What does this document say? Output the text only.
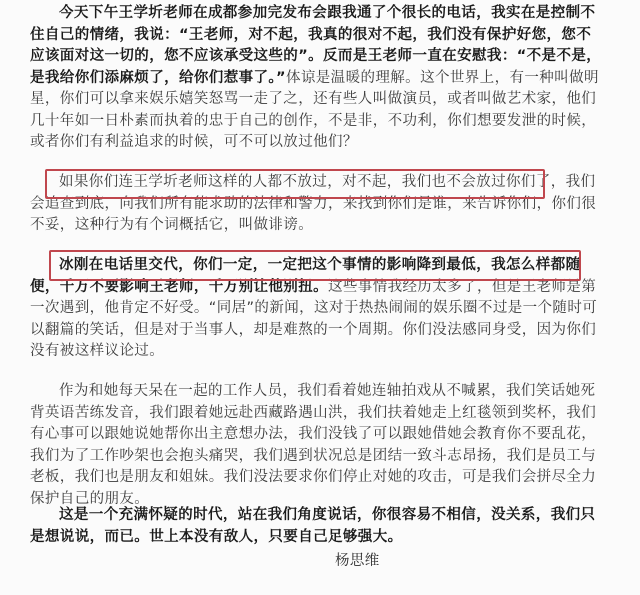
今天下午王学圻老师在成都参加完发布会跟我通了个很长的电话，我实在是控制不住自己的情绪，我说：“王老师，对不起，我真的很对不起，我们没有保护好您，您不应该面对这一切的，您不应该承受这些的”。反而是王老师一直在安慰我：“不是不是，是我给你们添麻烦了，给你们惹事了。”体谅是温暖的理解。这个世界上，有一种叫做明星，你们可以拿来娱乐嬉笑怒骂一走了之，还有些人叫做演员，或者叫做艺术家，他们几十年如一日朴素而执着的忠于自己的创作，不是非，不功利，你们想要发泄的时候，或者你们有利益追求的时候，可不可以放过他们？
如果你们连王学圻老师这样的人都不放过，对不起，我们也不会放过你们了，我们会追查到底，向我们所有能求助的法律和警力，来找到你们是谁，来告诉你们，你们很不妥，这种行为有个词概括它，叫做诽谤。
冰刚在电话里交代，你们一定，一定把这个事情的影响降到最低，我怎么样都随便，千万不要影响王老师，千万别让他别扭。这些事情我经历太多了，但是王老师是第一次遇到，他肯定不好受。“同居”的新闻，这对于热热闹闹的娱乐圈不过是一个随时可以翻篇的笑话，但是对于当事人，却是难熬的一个周期。你们没法感同身受，因为你们没有被这样议论过。
作为和她每天呆在一起的工作人员，我们看着她连轴拍戏从不喊累，我们笑话她死背英语苦练发音，我们跟着她远赴西藏路遇山洪，我们扶着她走上红毯领到奖杯，我们有心事可以跟她说她帮你出主意想办法，我们没钱了可以跟她借她会教育你不要乱花，我们为了工作吵架也会抱头痛哭，我们遇到状况总是团结一致斗志昂扬，我们是员工与老板，我们也是朋友和姐妹。我们没法要求你们停止对她的攻击，可是我们会拼尽全力保护自己的朋友。
这是一个充满怀疑的时代，站在我们角度说话，你很容易不相信，没关系，我们只是想说说，而已。世上本没有敌人，只要自己足够强大。
杨思维
